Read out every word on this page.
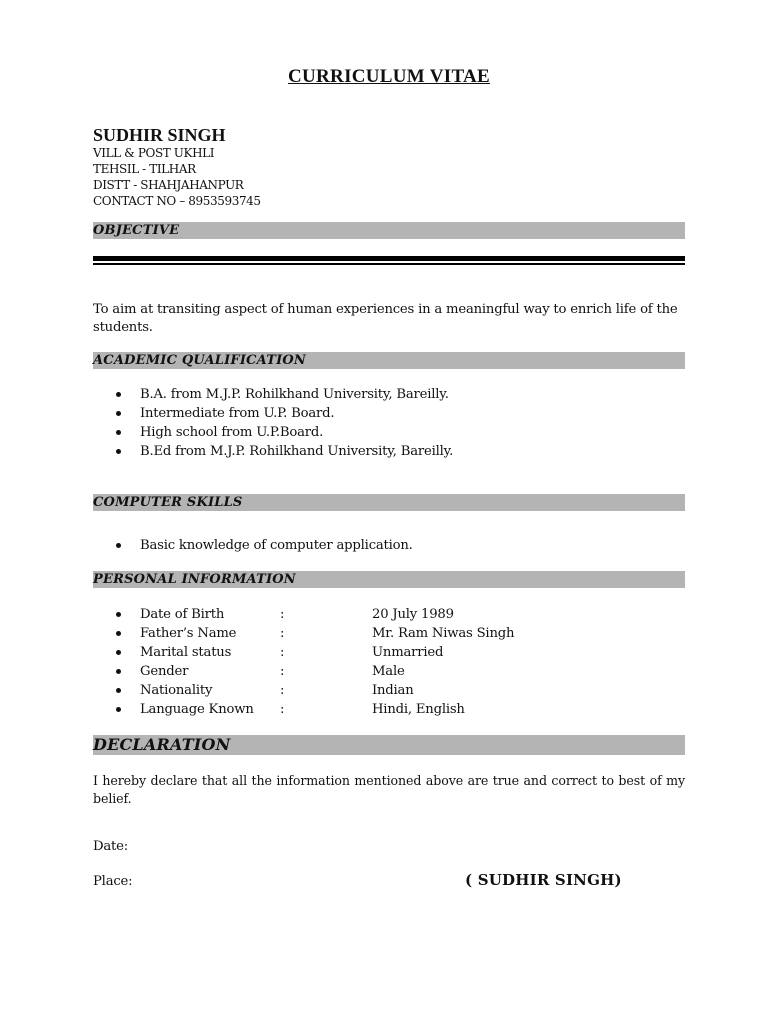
CURRICULUM VITAE
SUDHIR SINGH
VILL & POST UKHLI
TEHSIL - TILHAR
DISTT - SHAHJAHANPUR
CONTACT NO – 8953593745
OBJECTIVE
To aim at transiting aspect of human experiences in a meaningful way to enrich life of the students.
ACADEMIC QUALIFICATION
B.A. from M.J.P. Rohilkhand University, Bareilly.
Intermediate from U.P. Board.
High school from U.P.Board.
B.Ed from M.J.P. Rohilkhand University, Bareilly.
COMPUTER SKILLS
Basic knowledge of computer application.
PERSONAL INFORMATION
Date of Birth	:	20 July 1989
Father’s Name	:	Mr. Ram Niwas Singh
Marital status	:	Unmarried
Gender	:	Male
Nationality	:	Indian
Language Known :	Hindi, English
DECLARATION
I hereby declare that all the information mentioned above are true and correct to best of my belief.
Date:
Place:	( SUDHIR SINGH)
